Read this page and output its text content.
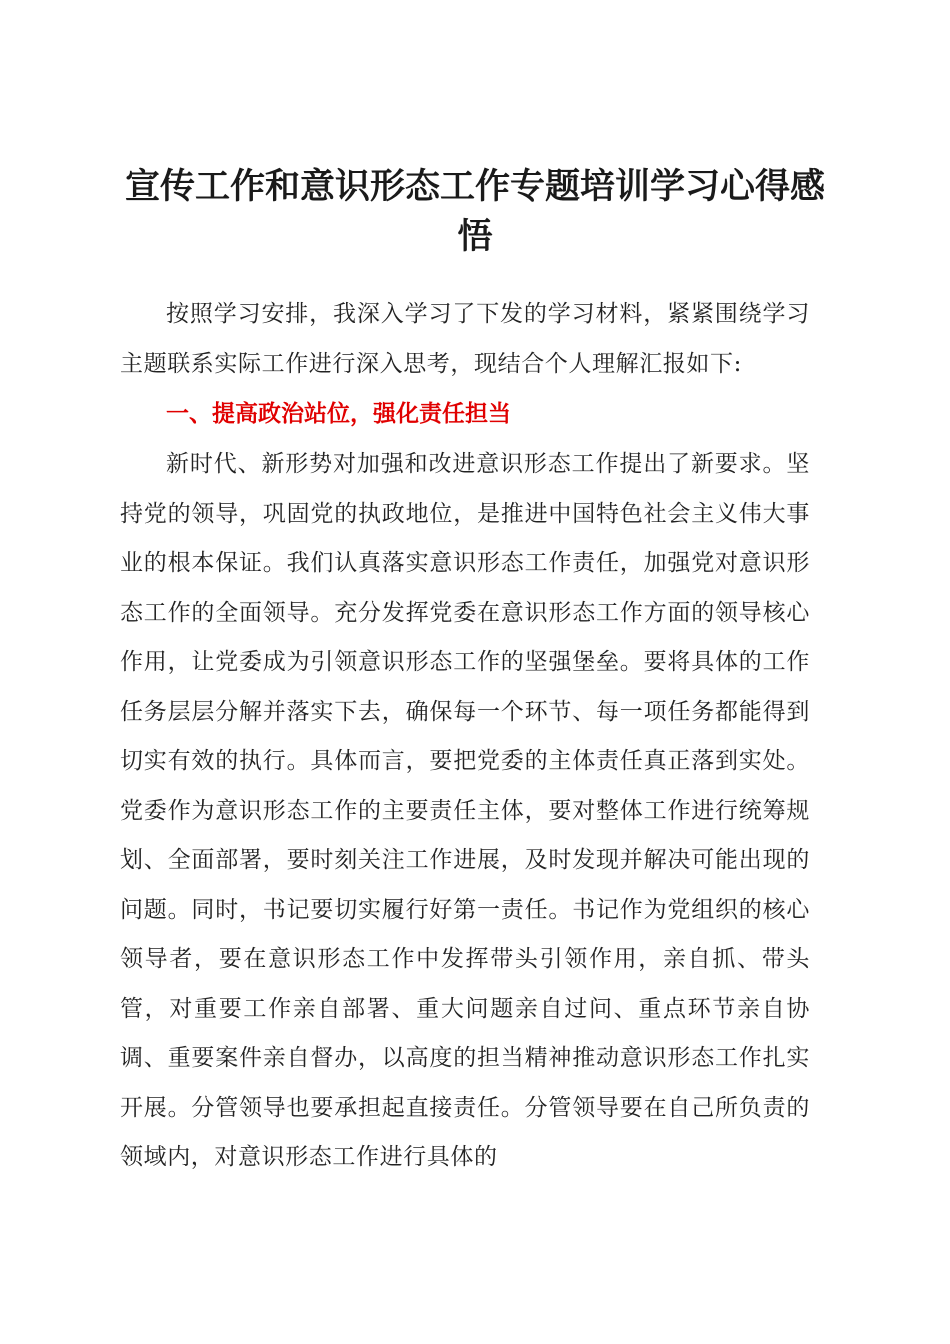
宣传工作和意识形态工作专题培训学习心得感悟

按照学习安排，我深入学习了下发的学习材料，紧紧围绕学习主题联系实际工作进行深入思考，现结合个人理解汇报如下:

一、提高政治站位，强化责任担当

新时代、新形势对加强和改进意识形态工作提出了新要求。坚持党的领导，巩固党的执政地位，是推进中国特色社会主义伟大事业的根本保证。我们认真落实意识形态工作责任，加强党对意识形态工作的全面领导。充分发挥党委在意识形态工作方面的领导核心作用，让党委成为引领意识形态工作的坚强堡垒。要将具体的工作任务层层分解并落实下去，确保每一个环节、每一项任务都能得到切实有效的执行。具体而言，要把党委的主体责任真正落到实处。党委作为意识形态工作的主要责任主体，要对整体工作进行统筹规划、全面部署，要时刻关注工作进展，及时发现并解决可能出现的问题。同时，书记要切实履行好第一责任。书记作为党组织的核心领导者，要在意识形态工作中发挥带头引领作用，亲自抓、带头管，对重要工作亲自部署、重大问题亲自过问、重点环节亲自协调、重要案件亲自督办，以高度的担当精神推动意识形态工作扎实开展。分管领导也要承担起直接责任。分管领导要在自己所负责的领域内，对意识形态工作进行具体的
